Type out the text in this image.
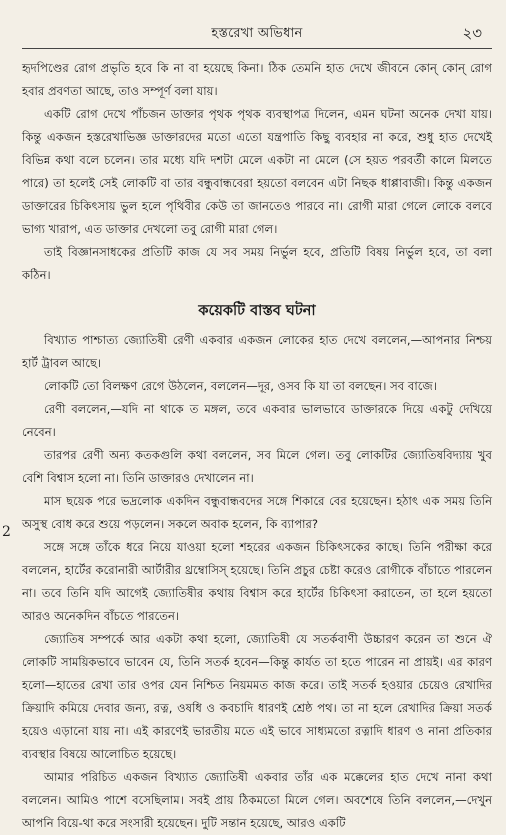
হস্তরেখা অভিধান	২৩

হৃদপিণ্ডের রোগ প্রভৃতি হবে কি না বা হয়েছে কিনা। ঠিক তেমনি হাত দেখে জীবনে কোন্ কোন্ রোগ হবার প্রবণতা আছে, তাও সম্পূর্ণ বলা যায়।

একটি রোগ দেখে পাঁচজন ডাক্তার পৃথক পৃথক ব্যবস্থাপত্র দিলেন, এমন ঘটনা অনেক দেখা যায়। কিন্তু একজন হস্তরেখাভিজ্ঞ ডাক্তারদের মতো এতো যন্ত্রপাতি কিছু ব্যবহার না করে, শুধু হাত দেখেই বিভিন্ন কথা বলে চলেন। তার মধ্যে যদি দশটা মেলে একটা না মেলে (সে হয়ত পরবর্তী কালে মিলতে পারে) তা হলেই সেই লোকটি বা তার বন্ধুবান্ধবেরা হয়তো বলবেন এটা নিছক ধাপ্পাবাজী। কিন্তু একজন ডাক্তারের চিকিৎসায় ভুল হলে পৃথিবীর কেউ তা জানতেও পারবে না। রোগী মারা গেলে লোকে বলবে ভাগ্য খারাপ, এত ডাক্তার দেখলো তবু রোগী মারা গেল।

তাই বিজ্ঞানসাধকের প্রতিটি কাজ যে সব সময় নির্ভুল হবে, প্রতিটি বিষয় নির্ভুল হবে, তা বলা কঠিন।

কয়েকটি বাস্তব ঘটনা

বিখ্যাত পাশ্চাত্য জ্যোতিষী রেণী একবার একজন লোকের হাত দেখে বললেন,—আপনার নিশ্চয় হার্ট ট্রাবল আছে।

লোকটি তো বিলক্ষণ রেগে উঠলেন, বললেন—দূর, ওসব কি যা তা বলছেন। সব বাজে।

রেণী বললেন,—যদি না থাকে ত মঙ্গল, তবে একবার ভালভাবে ডাক্তারকে দিয়ে একটু দেখিয়ে নেবেন।

তারপর রেণী অন্য কতকগুলি কথা বললেন, সব মিলে গেল। তবু লোকটির জ্যোতিষবিদ্যায় খুব বেশি বিশ্বাস হলো না। তিনি ডাক্তারও দেখালেন না।

মাস ছয়েক পরে ভদ্রলোক একদিন বন্ধুবান্ধবদের সঙ্গে শিকারে বের হয়েছেন। হঠাৎ এক সময় তিনি অসুস্থ বোধ করে শুয়ে পড়লেন। সকলে অবাক হলেন, কি ব্যাপার?

সঙ্গে সঙ্গে তাঁকে ধরে নিয়ে যাওয়া হলো শহরের একজন চিকিৎসকের কাছে। তিনি পরীক্ষা করে বললেন, হার্টের করোনারী আর্টারীর থ্রম্বোসিস্ হয়েছে। তিনি প্রচুর চেষ্টা করেও রোগীকে বাঁচাতে পারলেন না। তবে তিনি যদি আগেই জ্যোতিষীর কথায় বিশ্বাস করে হার্টের চিকিৎসা করাতেন, তা হলে হয়তো আরও অনেকদিন বাঁচতে পারতেন।

জ্যোতিষ সম্পর্কে আর একটা কথা হলো, জ্যোতিষী যে সতর্কবাণী উচ্চারণ করেন তা শুনে ঐ লোকটি সাময়িকভাবে ভাবেন যে, তিনি সতর্ক হবেন—কিন্তু কার্যত তা হতে পারেন না প্রায়ই। এর কারণ হলো—হাতের রেখা তার ওপর যেন নিশ্চিত নিয়মমত কাজ করে। তাই সতর্ক হওয়ার চেয়েও রেখাদির ক্রিয়াদি কমিয়ে দেবার জন্য, রত্ন, ওষধি ও কবচাদি ধারণই শ্রেষ্ঠ পথ। তা না হলে রেখাদির ক্রিয়া সতর্ক হয়েও এড়ানো যায় না। এই কারণেই ভারতীয় মতে এই ভাবে সাধ্যমতো রত্নাদি ধারণ ও নানা প্রতিকার ব্যবস্থার বিষয়ে আলোচিত হয়েছে।

আমার পরিচিত একজন বিখ্যাত জ্যোতিষী একবার তাঁর এক মক্কেলের হাত দেখে নানা কথা বললেন। আমিও পাশে বসেছিলাম। সবই প্রায় ঠিকমতো মিলে গেল। অবশেষে তিনি বললেন,—দেখুন আপনি বিয়ে-থা করে সংসারী হয়েছেন। দুটি সন্তান হয়েছে, আরও একটি

2
